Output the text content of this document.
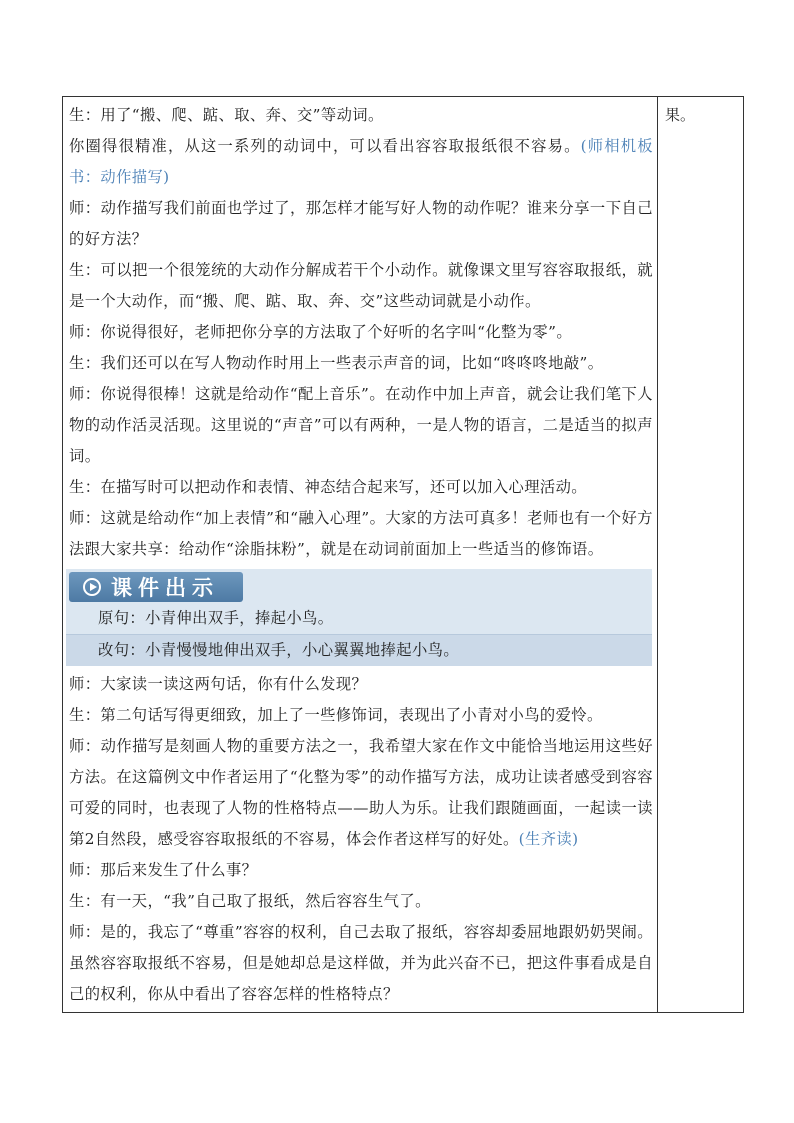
生：用了“搬、爬、踮、取、奔、交”等动词。

你圈得很精准，从这一系列的动词中，可以看出容容取报纸很不容易。(师相机板书：动作描写)

师：动作描写我们前面也学过了，那怎样才能写好人物的动作呢？谁来分享一下自己的好方法？

生：可以把一个很笼统的大动作分解成若干个小动作。就像课文里写容容取报纸，就是一个大动作，而“搬、爬、踮、取、奔、交”这些动词就是小动作。

师：你说得很好，老师把你分享的方法取了个好听的名字叫“化整为零”。

生：我们还可以在写人物动作时用上一些表示声音的词，比如“咚咚咚地敲”。

师：你说得很棒！这就是给动作“配上音乐”。在动作中加上声音，就会让我们笔下人物的动作活灵活现。这里说的“声音”可以有两种，一是人物的语言，二是适当的拟声词。

生：在描写时可以把动作和表情、神态结合起来写，还可以加入心理活动。

师：这就是给动作“加上表情”和“融入心理”。大家的方法可真多！老师也有一个好方法跟大家共享：给动作“涂脂抹粉”，就是在动词前面加上一些适当的修饰语。

课件出示
原句：小青伸出双手，捧起小鸟。
改句：小青慢慢地伸出双手，小心翼翼地捧起小鸟。

师：大家读一读这两句话，你有什么发现？

生：第二句话写得更细致，加上了一些修饰词，表现出了小青对小鸟的爱怜。

师：动作描写是刻画人物的重要方法之一，我希望大家在作文中能恰当地运用这些好方法。在这篇例文中作者运用了“化整为零”的动作描写方法，成功让读者感受到容容可爱的同时，也表现了人物的性格特点——助人为乐。让我们跟随画面，一起读一读第2自然段，感受容容取报纸的不容易，体会作者这样写的好处。(生齐读)

师：那后来发生了什么事？

生：有一天，“我”自己取了报纸，然后容容生气了。

师：是的，我忘了“尊重”容容的权利，自己去取了报纸，容容却委屈地跟奶奶哭闹。虽然容容取报纸不容易，但是她却总是这样做，并为此兴奋不已，把这件事看成是自己的权利，你从中看出了容容怎样的性格特点？

果。
